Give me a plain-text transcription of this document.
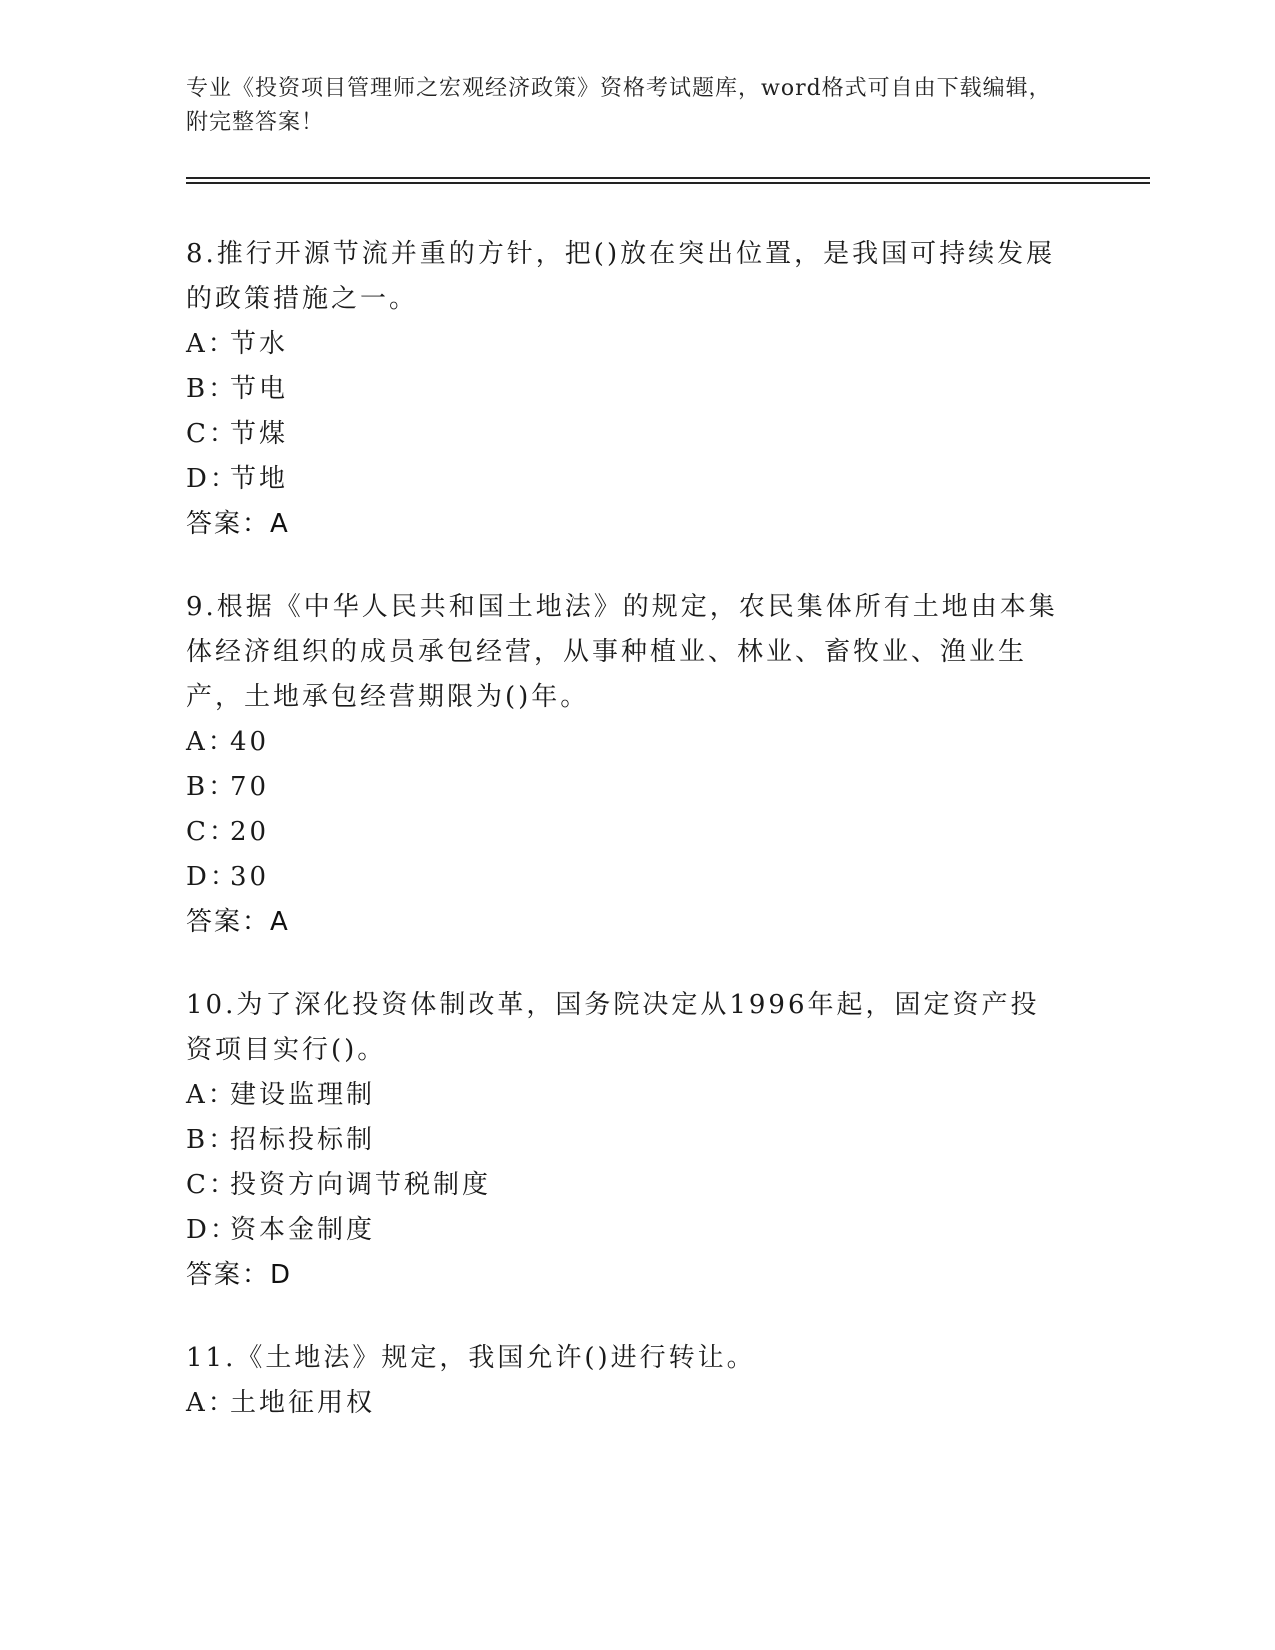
专业《投资项目管理师之宏观经济政策》资格考试题库，word格式可自由下载编辑，附完整答案！

8.推行开源节流并重的方针，把()放在突出位置，是我国可持续发展的政策措施之一。

A：节水

B：节电

C：节煤

D：节地

答案：A

9.根据《中华人民共和国土地法》的规定，农民集体所有土地由本集体经济组织的成员承包经营，从事种植业、林业、畜牧业、渔业生产，土地承包经营期限为()年。

A：40

B：70

C：20

D：30

答案：A

10.为了深化投资体制改革，国务院决定从1996年起，固定资产投资项目实行()。

A：建设监理制

B：招标投标制

C：投资方向调节税制度

D：资本金制度

答案：D

11.《土地法》规定，我国允许()进行转让。

A：土地征用权
